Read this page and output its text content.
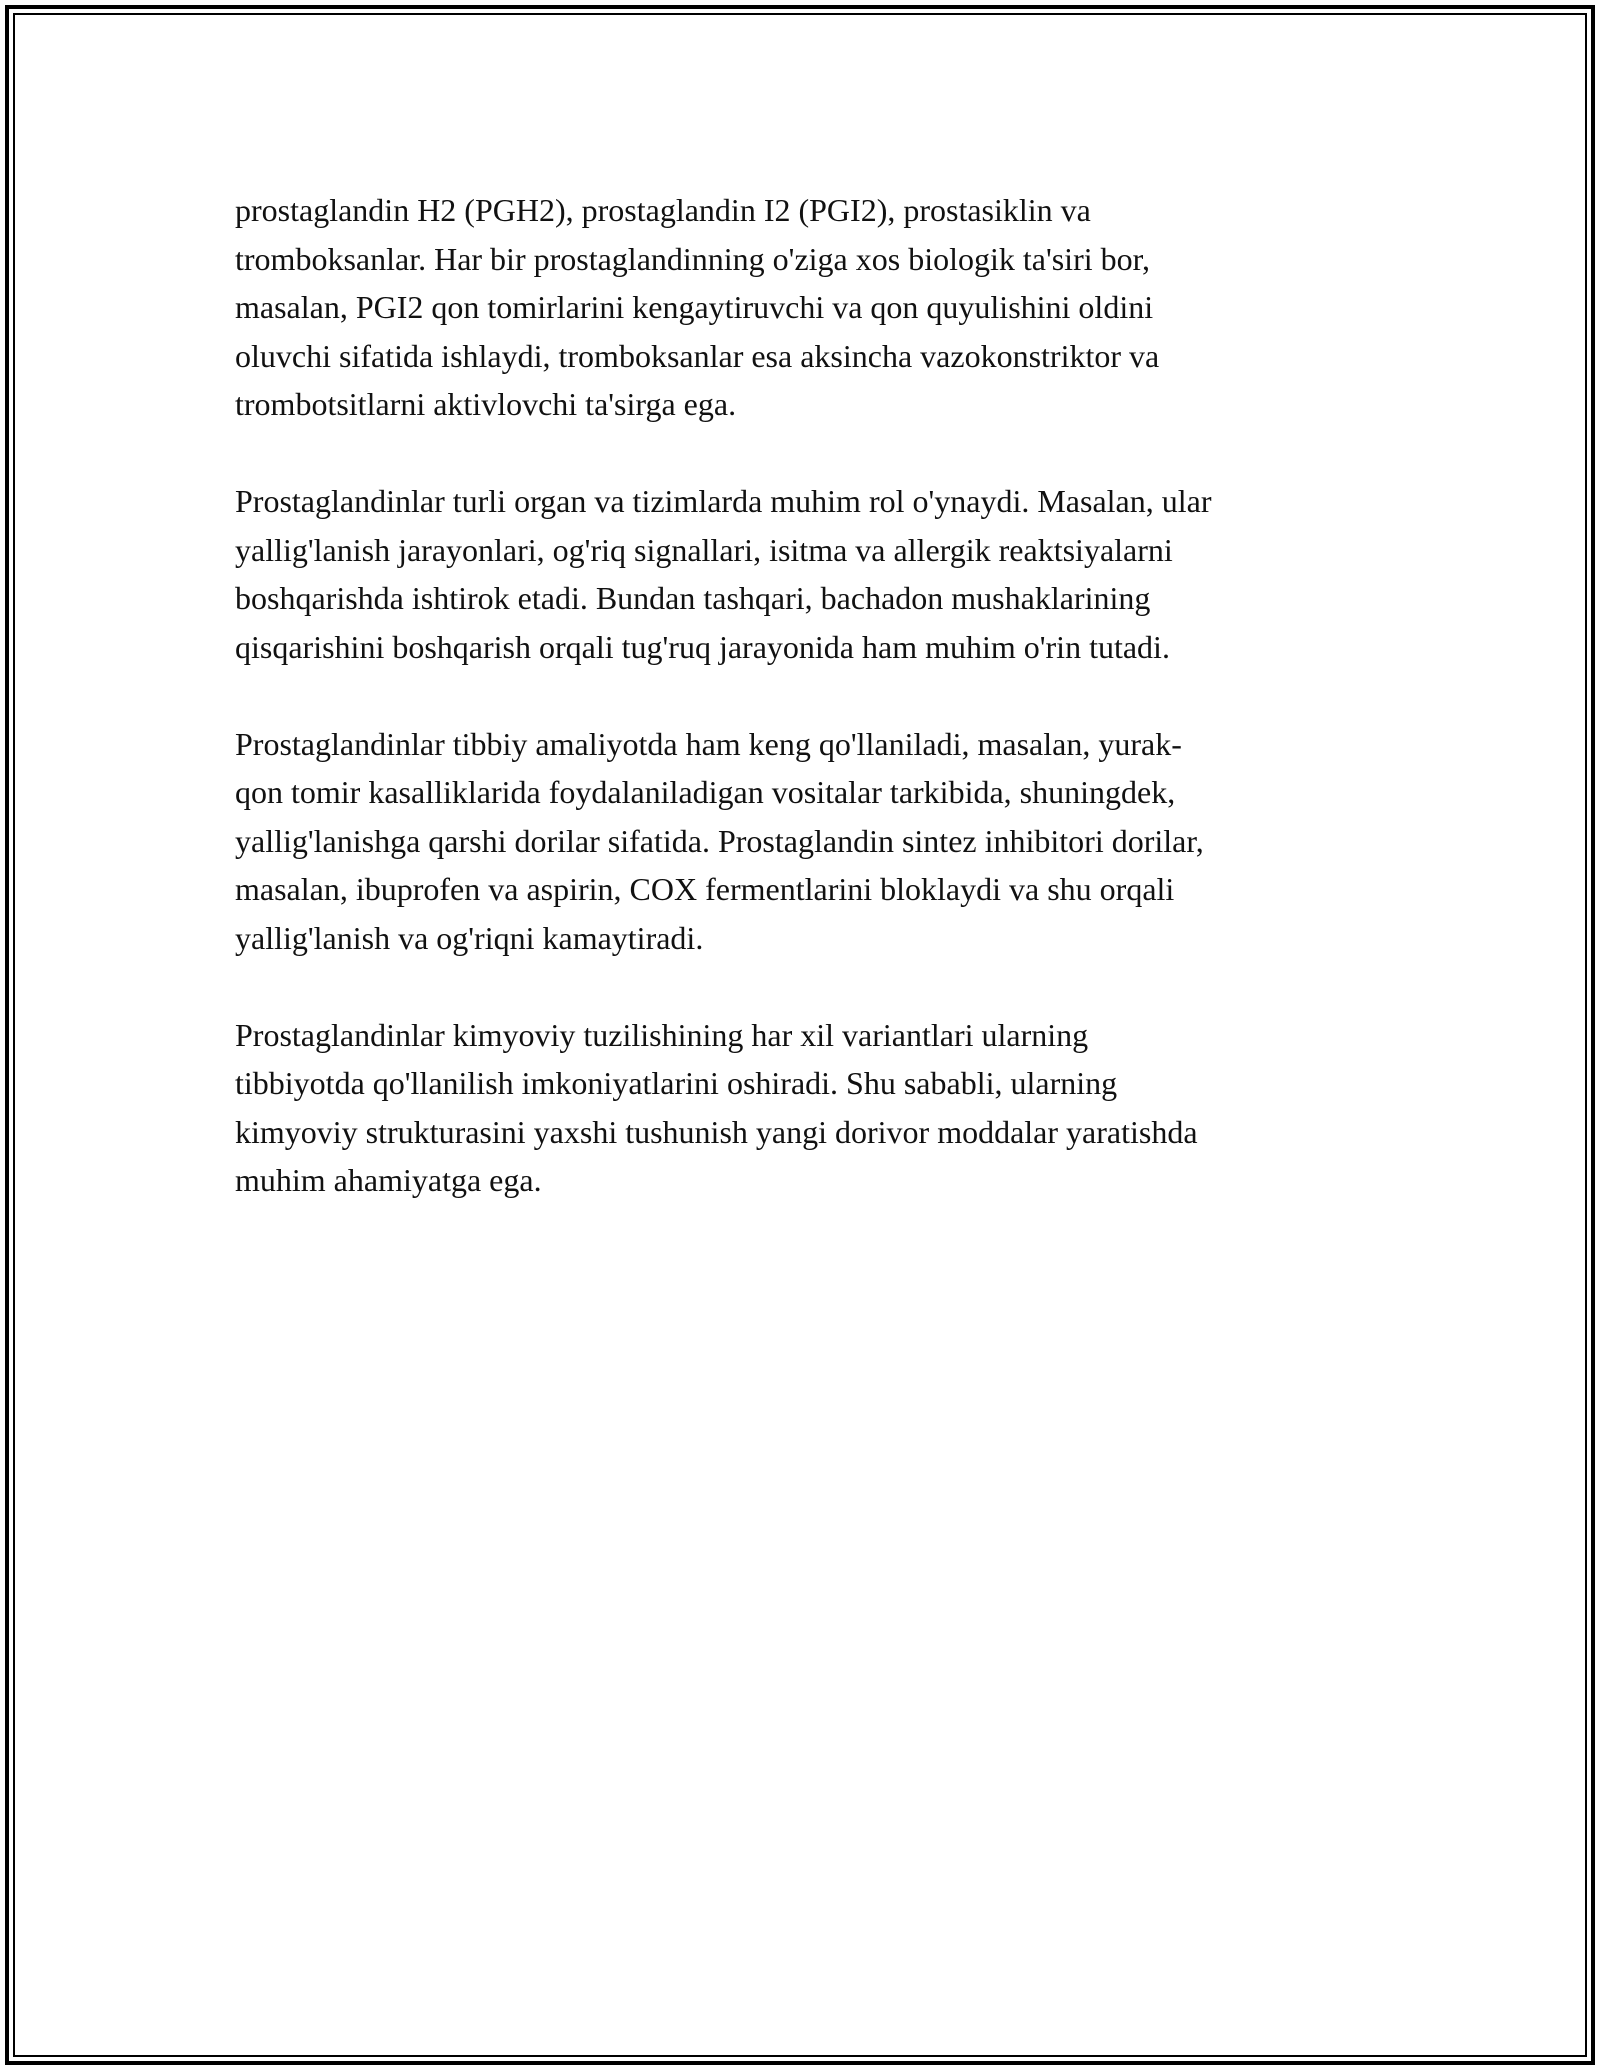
prostaglandin H2 (PGH2), prostaglandin I2 (PGI2), prostasiklin va
tromboksanlar. Har bir prostaglandinning o'ziga xos biologik ta'siri bor,
masalan, PGI2 qon tomirlarini kengaytiruvchi va qon quyulishini oldini
oluvchi sifatida ishlaydi, tromboksanlar esa aksincha vazokonstriktor va
trombotsitlarni aktivlovchi ta'sirga ega.

Prostaglandinlar turli organ va tizimlarda muhim rol o'ynaydi. Masalan, ular
yallig'lanish jarayonlari, og'riq signallari, isitma va allergik reaktsiyalarni
boshqarishda ishtirok etadi. Bundan tashqari, bachadon mushaklarining
qisqarishini boshqarish orqali tug'ruq jarayonida ham muhim o'rin tutadi.

Prostaglandinlar tibbiy amaliyotda ham keng qo'llaniladi, masalan, yurak-
qon tomir kasalliklarida foydalaniladigan vositalar tarkibida, shuningdek,
yallig'lanishga qarshi dorilar sifatida. Prostaglandin sintez inhibitori dorilar,
masalan, ibuprofen va aspirin, COX fermentlarini bloklaydi va shu orqali
yallig'lanish va og'riqni kamaytiradi.

Prostaglandinlar kimyoviy tuzilishining har xil variantlari ularning
tibbiyotda qo'llanilish imkoniyatlarini oshiradi. Shu sababli, ularning
kimyoviy strukturasini yaxshi tushunish yangi dorivor moddalar yaratishda
muhim ahamiyatga ega.
